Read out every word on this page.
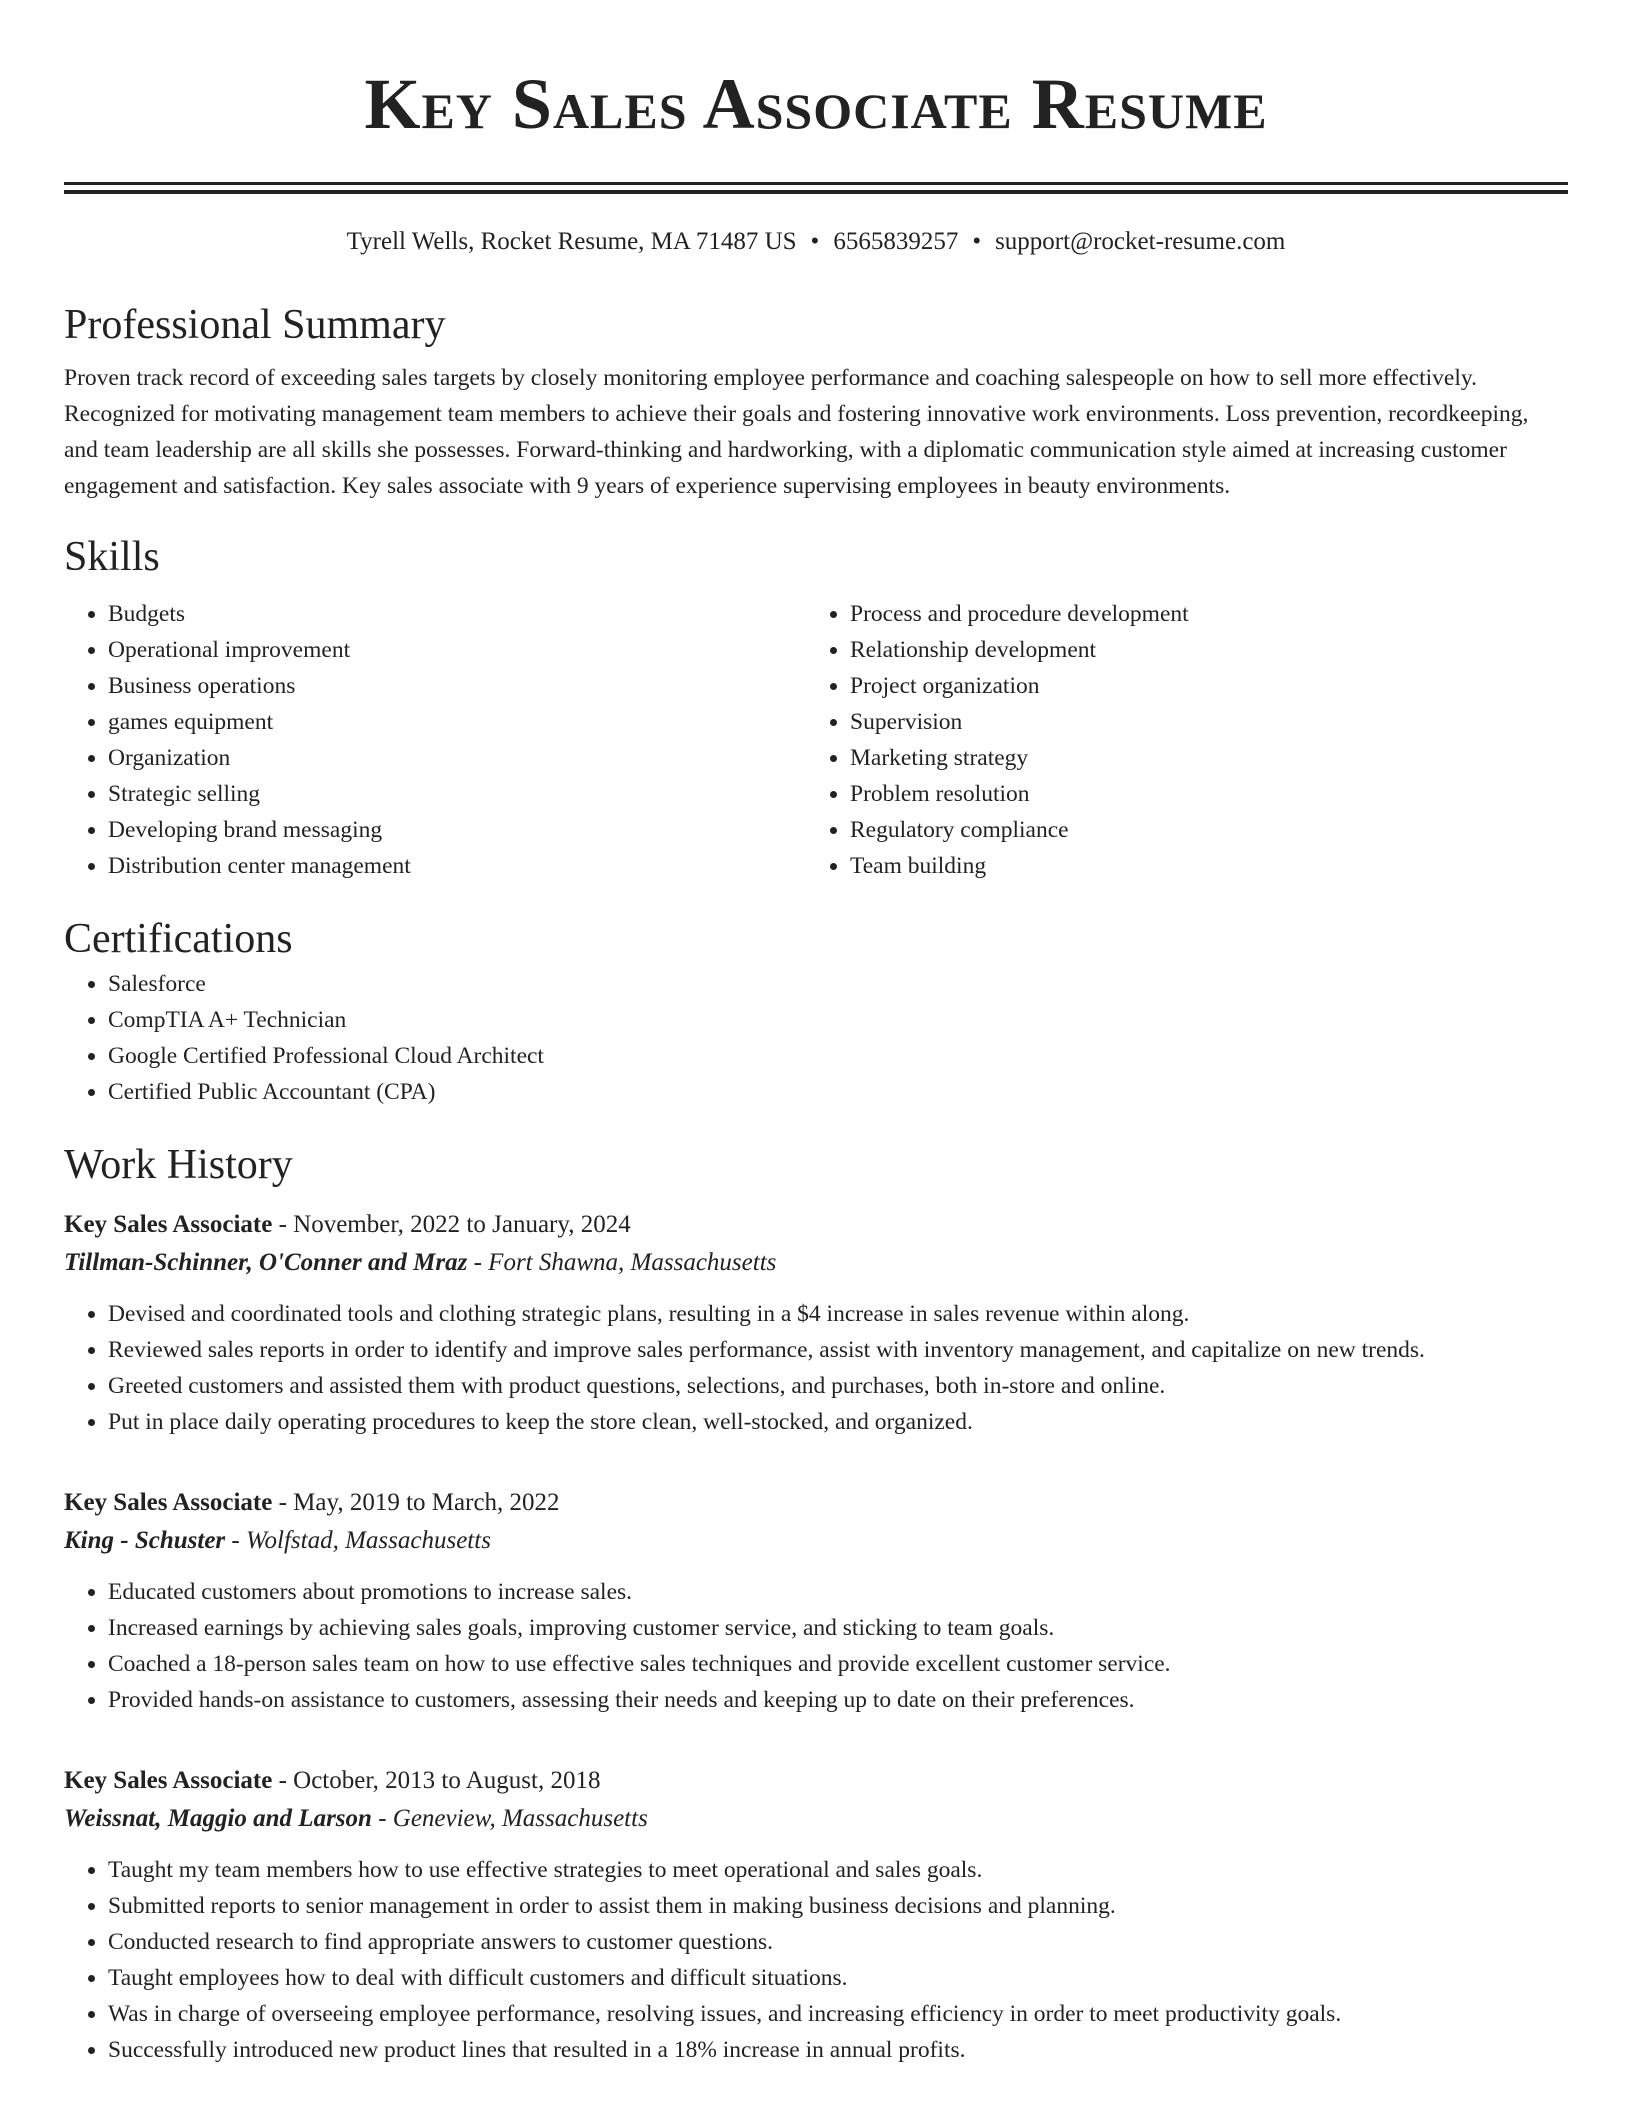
Key Sales Associate Resume
Tyrell Wells, Rocket Resume, MA 71487 US • 6565839257 • support@rocket-resume.com
Professional Summary

Proven track record of exceeding sales targets by closely monitoring employee performance and coaching salespeople on how to sell more effectively. Recognized for motivating management team members to achieve their goals and fostering innovative work environments. Loss prevention, recordkeeping, and team leadership are all skills she possesses. Forward-thinking and hardworking, with a diplomatic communication style aimed at increasing customer engagement and satisfaction. Key sales associate with 9 years of experience supervising employees in beauty environments.

Skills
• Budgets
• Operational improvement
• Business operations
• games equipment
• Organization
• Strategic selling
• Developing brand messaging
• Distribution center management
• Process and procedure development
• Relationship development
• Project organization
• Supervision
• Marketing strategy
• Problem resolution
• Regulatory compliance
• Team building
Certifications
• Salesforce
• CompTIA A+ Technician
• Google Certified Professional Cloud Architect
• Certified Public Accountant (CPA)
Work History
Key Sales Associate - November, 2022 to January, 2024
Tillman-Schinner, O'Conner and Mraz - Fort Shawna, Massachusetts
• Devised and coordinated tools and clothing strategic plans, resulting in a $4 increase in sales revenue within along.
• Reviewed sales reports in order to identify and improve sales performance, assist with inventory management, and capitalize on new trends.
• Greeted customers and assisted them with product questions, selections, and purchases, both in-store and online.
• Put in place daily operating procedures to keep the store clean, well-stocked, and organized.
Key Sales Associate - May, 2019 to March, 2022
King - Schuster - Wolfstad, Massachusetts
• Educated customers about promotions to increase sales.
• Increased earnings by achieving sales goals, improving customer service, and sticking to team goals.
• Coached a 18-person sales team on how to use effective sales techniques and provide excellent customer service.
• Provided hands-on assistance to customers, assessing their needs and keeping up to date on their preferences.
Key Sales Associate - October, 2013 to August, 2018
Weissnat, Maggio and Larson - Geneview, Massachusetts
• Taught my team members how to use effective strategies to meet operational and sales goals.
• Submitted reports to senior management in order to assist them in making business decisions and planning.
• Conducted research to find appropriate answers to customer questions.
• Taught employees how to deal with difficult customers and difficult situations.
• Was in charge of overseeing employee performance, resolving issues, and increasing efficiency in order to meet productivity goals.
• Successfully introduced new product lines that resulted in a 18% increase in annual profits.
